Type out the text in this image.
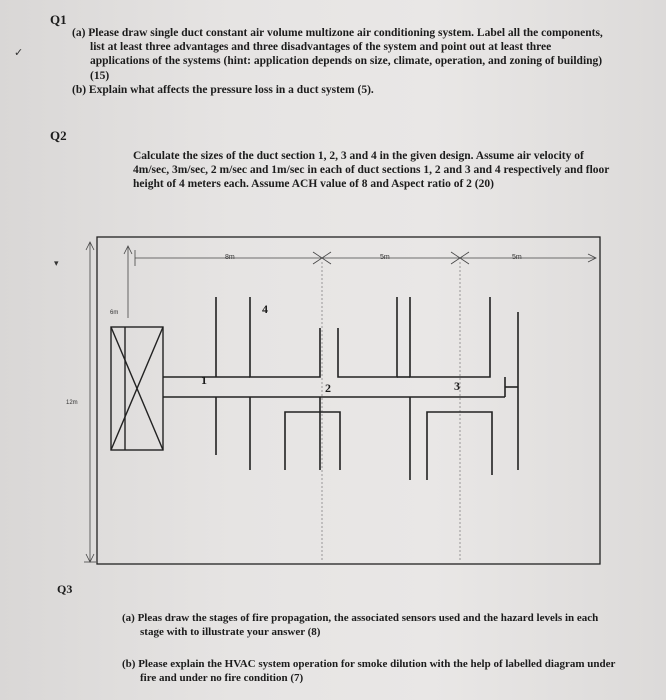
✓
▾
Q1

(a) Please draw single duct constant air volume multizone air conditioning system. Label all the components, list at least three advantages and three disadvantages of the system and point out at least three applications of the systems (hint: application depends on size, climate, operation, and zoning of building) (15)

(b) Explain what affects the pressure loss in a duct system (5).

Q2

Calculate the sizes of the duct section 1, 2, 3 and 4 in the given design. Assume air velocity of 4m/sec, 3m/sec, 2 m/sec and 1m/sec in each of duct sections 1, 2 and 3 and 4 respectively and floor height of 4 meters each. Assume ACH value of 8 and Aspect ratio of 2 (20)

8m	5m	5m
6m
12m
1
2	3
4
Q3

(a) Pleas draw the stages of fire propagation, the associated sensors used and the hazard levels in each stage with to illustrate your answer (8)

(b) Please explain the HVAC system operation for smoke dilution with the help of labelled diagram under fire and under no fire condition (7)
